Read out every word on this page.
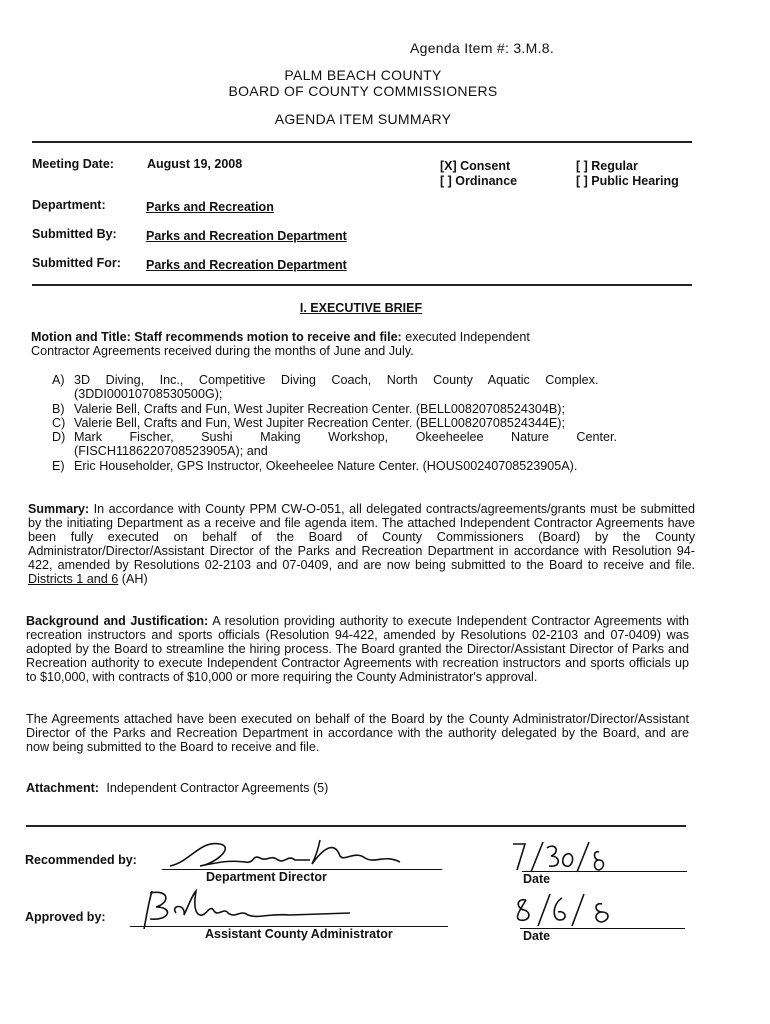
Agenda Item #: 3.M.8.
PALM BEACH COUNTY
BOARD OF COUNTY COMMISSIONERS
AGENDA ITEM SUMMARY
Meeting Date:	August 19, 2008	[X] Consent
[ ] Ordinance
[ ] Regular
[ ] Public Hearing
Department:	Parks and Recreation
Submitted By: Parks and Recreation Department
Submitted For: Parks and Recreation Department
I. EXECUTIVE BRIEF
Motion and Title: Staff recommends motion to receive and file: executed Independent
Contractor Agreements received during the months of June and July.
A) 3D Diving, Inc., Competitive Diving Coach, North County Aquatic Complex.
(3DDI00010708530500G);
B) Valerie Bell, Crafts and Fun, West Jupiter Recreation Center. (BELL00820708524304B);
C) Valerie Bell, Crafts and Fun, West Jupiter Recreation Center. (BELL00820708524344E);
D) Mark Fischer, Sushi Making Workshop, Okeeheelee Nature Center.
(FISCH1186220708523905A); and
E) Eric Householder, GPS Instructor, Okeeheelee Nature Center. (HOUS00240708523905A).
Summary: In accordance with County PPM CW-O-051, all delegated contracts/agreements/grants must be submitted by the initiating Department as a receive and file agenda item. The attached Independent Contractor Agreements have been fully executed on behalf of the Board of County Commissioners (Board) by the County Administrator/Director/Assistant Director of the Parks and Recreation Department in accordance with Resolution 94-422, amended by Resolutions 02-2103 and 07-0409, and are now being submitted to the Board to receive and file. Districts 1 and 6 (AH)
Background and Justification: A resolution providing authority to execute Independent Contractor Agreements with recreation instructors and sports officials (Resolution 94-422, amended by Resolutions 02-2103 and 07-0409) was adopted by the Board to streamline the hiring process. The Board granted the Director/Assistant Director of Parks and Recreation authority to execute Independent Contractor Agreements with recreation instructors and sports officials up to $10,000, with contracts of $10,000 or more requiring the County Administrator's approval.
The Agreements attached have been executed on behalf of the Board by the County Administrator/Director/Assistant Director of the Parks and Recreation Department in accordance with the authority delegated by the Board, and are now being submitted to the Board to receive and file.
Attachment: Independent Contractor Agreements (5)
Recommended by:
Department Director	Date
Approved by:
Assistant County Administrator	Date
